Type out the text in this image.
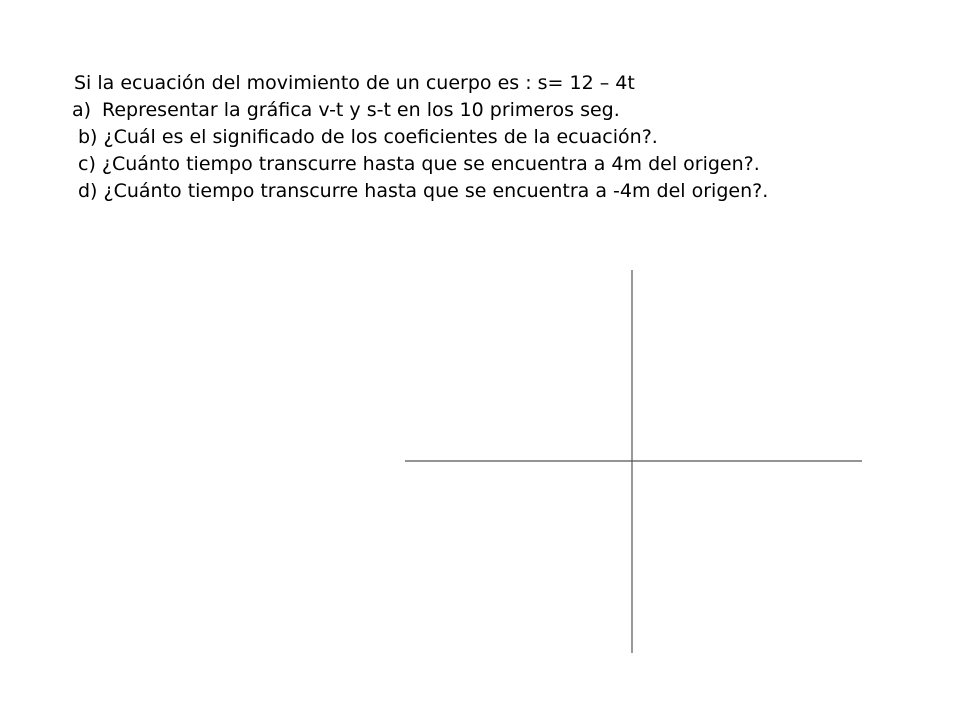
Si la ecuación del movimiento de un cuerpo es : s= 12 – 4t
a) Representar la gráfica v-t y s-t en los 10 primeros seg.
b) ¿Cuál es el significado de los coeficientes de la ecuación?.
c) ¿Cuánto tiempo transcurre hasta que se encuentra a 4m del origen?.
d) ¿Cuánto tiempo transcurre hasta que se encuentra a -4m del origen?.
